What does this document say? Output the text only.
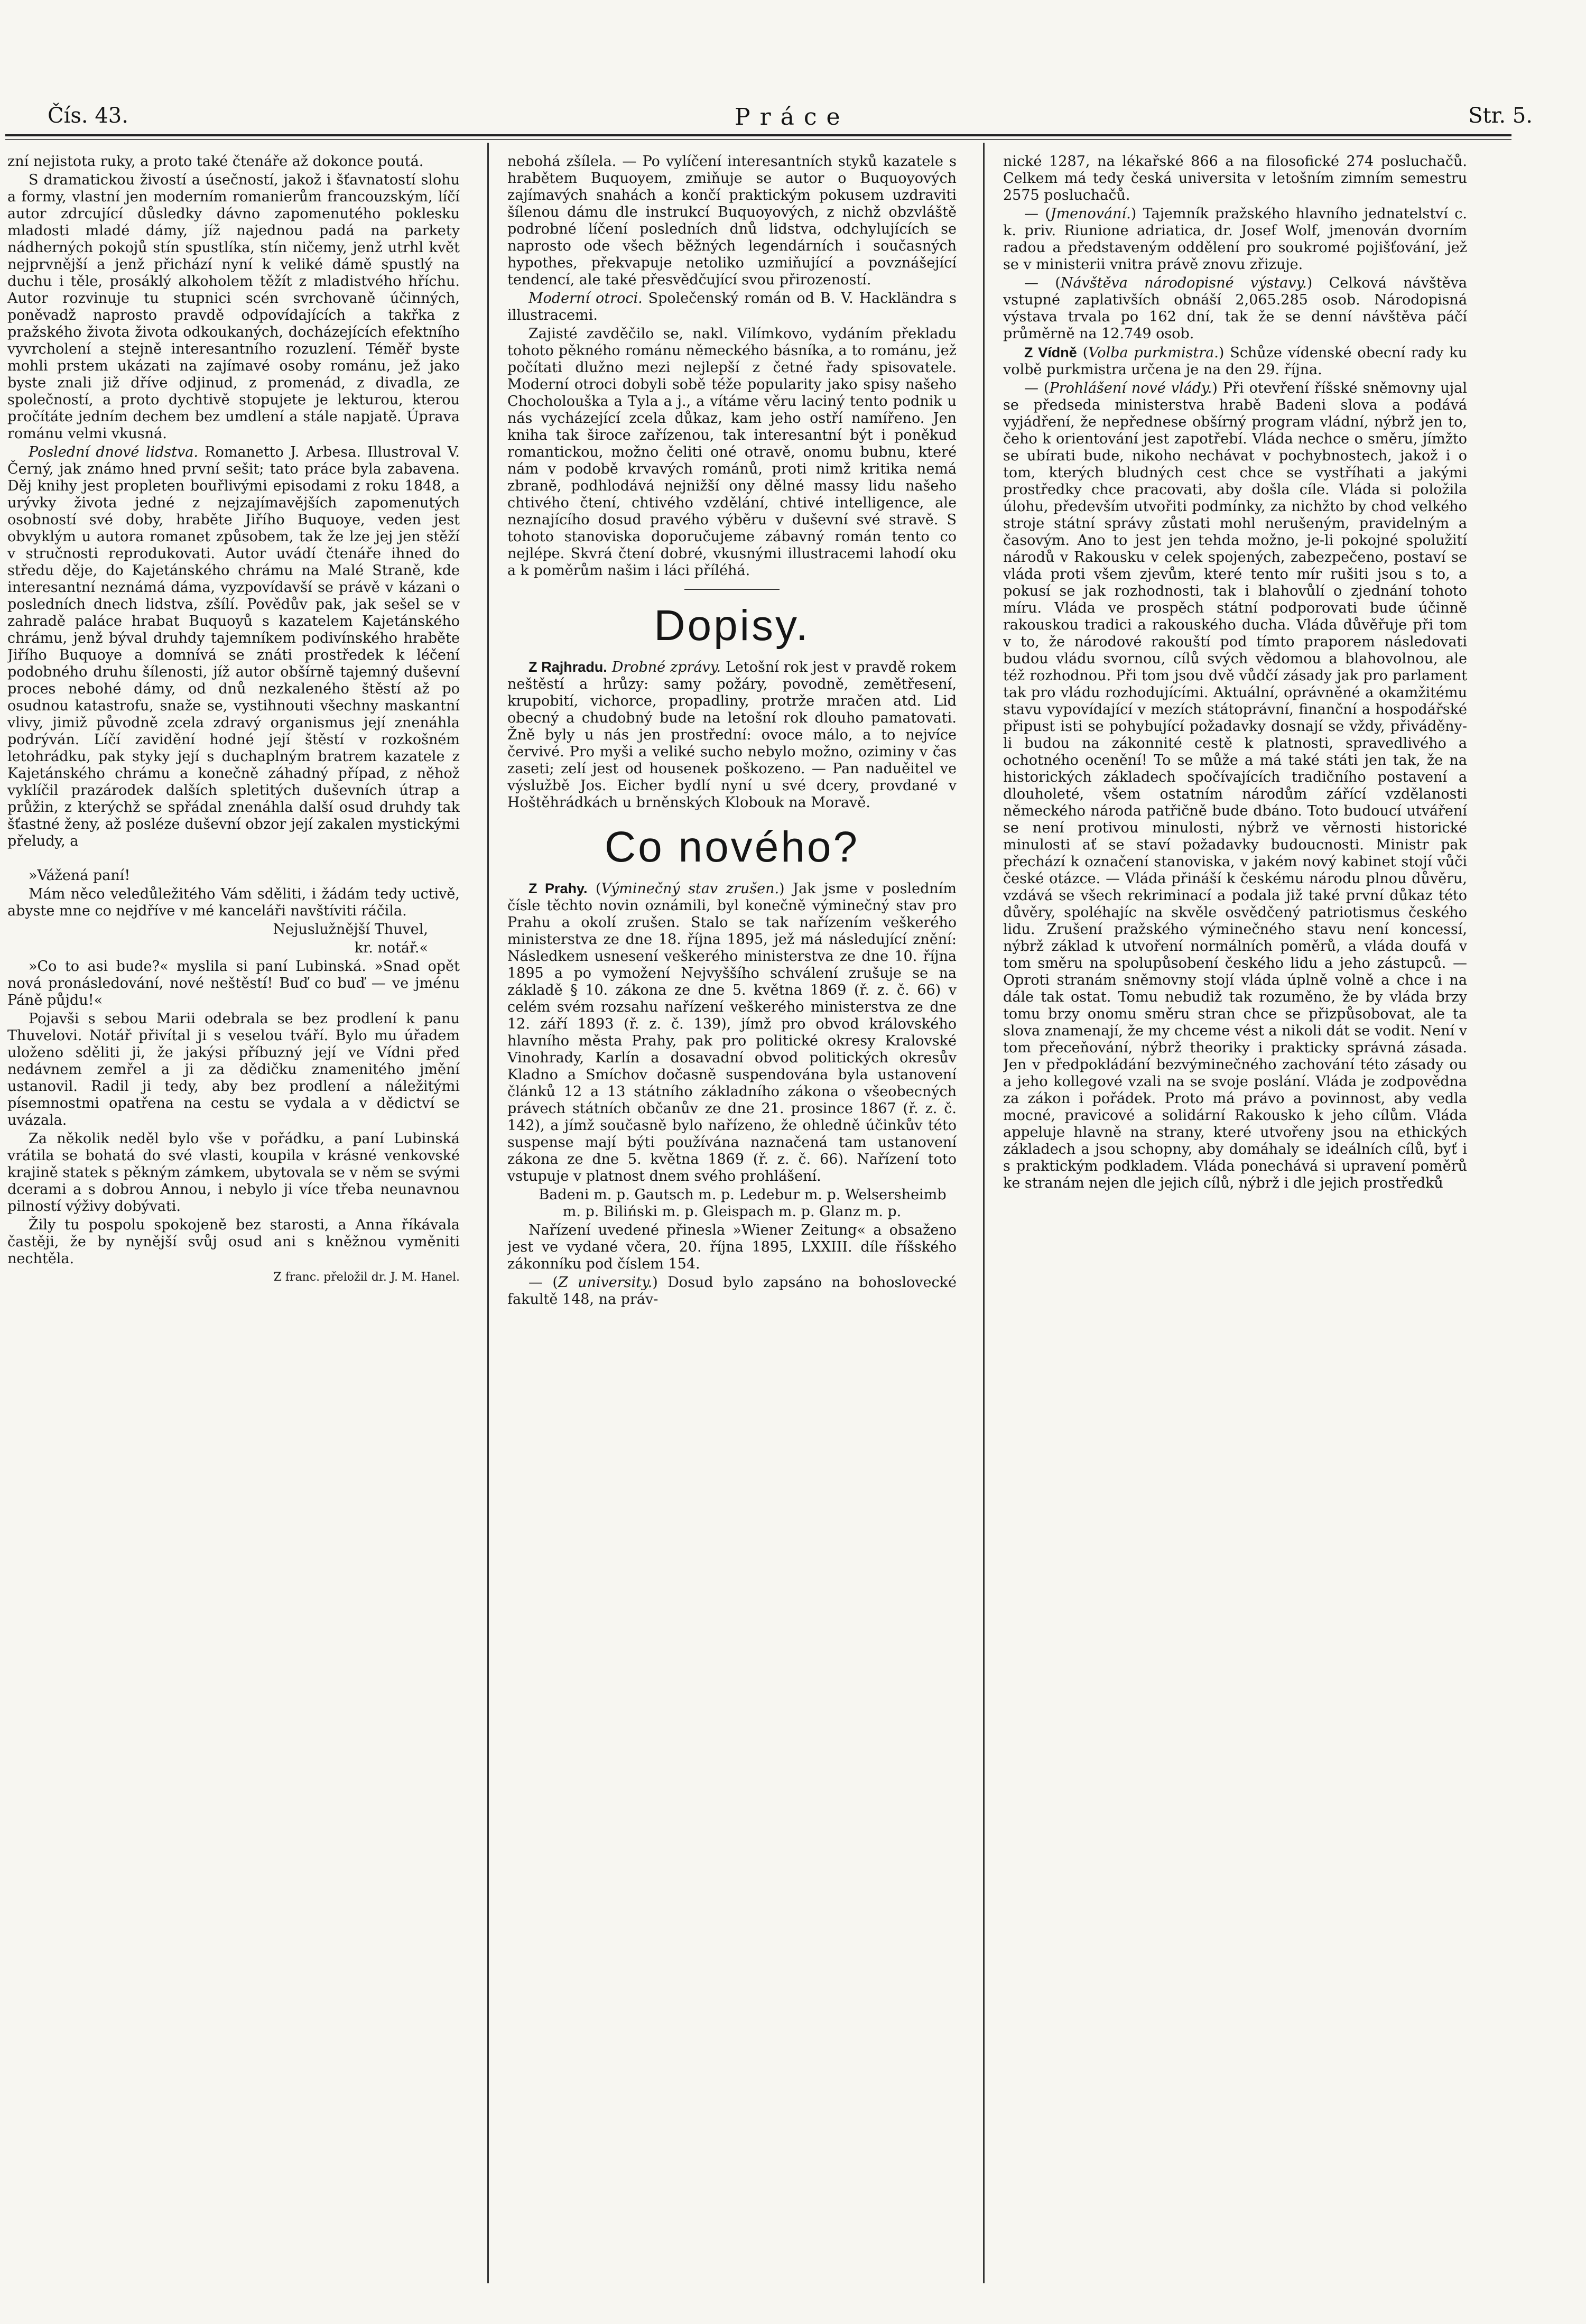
Čís. 43.	Práce	Str. 5.

zní nejistota ruky, a proto také čtenáře až dokonce poutá.

S dramatickou živostí a úsečností, jakož i šťavnatostí slohu a formy, vlastní jen moderním romanierům francouzským, líčí autor zdrcující důsledky dávno zapomenutého poklesku mladosti mladé dámy, jíž najednou padá na parkety nádherných pokojů stín spustlíka, stín ničemy, jenž utrhl květ nejprvnější a jenž přichází nyní k veliké dámě spustlý na duchu i těle, prosáklý alkoholem těžít z mladistvého hříchu. Autor rozvinuje tu stupnici scén svrchovaně účinných, poněvadž naprosto pravdě odpovídajících a takřka z pražského života života odkoukaných, docházejících efektního vyvrcholení a stejně interesantního rozuzlení. Téměř byste mohli prstem ukázati na zajímavé osoby románu, jež jako byste znali již dříve odjinud, z promenád, z divadla, ze společností, a proto dychtivě stopujete je lekturou, kterou pročítáte jedním dechem bez umdlení a stále napjatě. Úprava románu velmi vkusná.

Poslední dnové lidstva. Romanetto J. Arbesa. Illustroval V. Černý, jak známo hned první sešit; tato práce byla zabavena. Děj knihy jest propleten bouřlivými episodami z roku 1848, a urývky života jedné z nejzajímavějších zapomenutých osobností své doby, hraběte Jiřího Buquoye, veden jest obvyklým u autora romanet způsobem, tak že lze jej jen stěží v stručnosti reprodukovati. Autor uvádí čtenáře ihned do středu děje, do Kajetánského chrámu na Malé Straně, kde interesantní neznámá dáma, vyzpovídavší se právě v kázani o posledních dnech lidstva, zšílí. Povědův pak, jak sešel se v zahradě paláce hrabat Buquoyů s kazatelem Kajetánského chrámu, jenž býval druhdy tajemníkem podivínského hraběte Jiřího Buquoye a domnívá se znáti prostředek k léčení podobného druhu šílenosti, jíž autor obšírně tajemný duševní proces nebohé dámy, od dnů nezkaleného štěstí až po osudnou katastrofu, snaže se, vystihnouti všechny maskantní vlivy, jimiž původně zcela zdravý organismus její znenáhla podrýván. Líčí zavidění hodné její štěstí v rozkošném letohrádku, pak styky její s duchaplným bratrem kazatele z Kajetánského chrámu a konečně záhadný případ, z něhož vyklíčil prazárodek dalších spletitých duševních útrap a průžin, z kterýchž se spřádal znenáhla další osud druhdy tak šťastné ženy, až posléze duševní obzor její zakalen mystickými přeludy, a

»Vážená paní!

Mám něco veledůležitého Vám sděliti, i žádám tedy uctivě, abyste mne co nejdříve v mé kanceláři navštíviti ráčila.

Nejuslužnější Thuvel,

kr. notář.«

»Co to asi bude?« myslila si paní Lubinská. »Snad opět nová pronásledování, nové neštěstí! Buď co buď — ve jménu Páně půjdu!«

Pojavši s sebou Marii odebrala se bez prodlení k panu Thuvelovi. Notář přivítal ji s veselou tváří. Bylo mu úřadem uloženo sděliti ji, že jakýsi příbuzný její ve Vídni před nedávnem zemřel a ji za dědičku znamenitého jmění ustanovil. Radil ji tedy, aby bez prodlení a náležitými písemnostmi opatřena na cestu se vydala a v dědictví se uvázala.

Za několik neděl bylo vše v pořádku, a paní Lubinská vrátila se bohatá do své vlasti, koupila v krásné venkovské krajině statek s pěkným zámkem, ubytovala se v něm se svými dcerami a s dobrou Annou, i nebylo ji více třeba neunavnou pilností výživy dobývati.

Žily tu pospolu spokojeně bez starosti, a Anna říkávala častěji, že by nynější svůj osud ani s kněžnou vyměniti nechtěla.

Z franc. přeložil dr. J. M. Hanel.

nebohá zšílela. — Po vylíčení interesantních styků kazatele s hrabětem Buquoyem, zmiňuje se autor o Buquoyových zajímavých snahách a končí praktickým pokusem uzdraviti šílenou dámu dle instrukcí Buquoyových, z nichž obzvláště podrobné líčení posledních dnů lidstva, odchylujících se naprosto ode všech běžných legendárních i současných hypothes, překvapuje netoliko uzmiňující a povznášející tendencí, ale také přesvědčující svou přirozeností.

Moderní otroci. Společenský román od B. V. Hackländra s illustracemi.

Zajisté zavděčilo se, nakl. Vilímkovo, vydáním překladu tohoto pěkného románu německého básníka, a to románu, jež počítati dlužno mezi nejlepší z četné řady spisovatele. Moderní otroci dobyli sobě téže popularity jako spisy našeho Chocholouška a Tyla a j., a vítáme věru laciný tento podnik u nás vycházející zcela důkaz, kam jeho ostří namířeno. Jen kniha tak široce zařízenou, tak interesantní být i poněkud romantickou, možno čeliti oné otravě, onomu bubnu, které nám v podobě krvavých románů, proti nimž kritika nemá zbraně, podhlodává nejnižší ony dělné massy lidu našeho chtivého čtení, chtivého vzdělání, chtivé intelligence, ale neznajícího dosud pravého výběru v duševní své stravě. S tohoto stanoviska doporučujeme zábavný román tento co nejlépe. Skvrá čtení dobré, vkusnými illustracemi lahodí oku a k poměrům našim i láci příléhá.

Dopisy.

Z Rajhradu. Drobné zprávy. Letošní rok jest v pravdě rokem neštěstí a hrůzy: samy požáry, povodně, zemětřesení, krupobití, vichorce, propadliny, protrže mračen atd. Lid obecný a chudobný bude na letošní rok dlouho pamatovati. Žně byly u nás jen prostřední: ovoce málo, a to nejvíce červivé. Pro myši a veliké sucho nebylo možno, oziminy v čas zaseti; zelí jest od housenek poškozeno. — Pan naduěitel ve výslužbě Jos. Eicher bydlí nyní u své dcery, provdané v Hoštěhrádkách u brněnských Klobouk na Moravě.

Co nového?

Z Prahy. (Výminečný stav zrušen.) Jak jsme v posledním čísle těchto novin oznámili, byl konečně výminečný stav pro Prahu a okolí zrušen. Stalo se tak nařízením veškerého ministerstva ze dne 18. října 1895, jež má následující znění: Následkem usnesení veškerého ministerstva ze dne 10. října 1895 a po vymožení Nejvyššího schválení zrušuje se na základě § 10. zákona ze dne 5. května 1869 (ř. z. č. 66) v celém svém rozsahu nařízení veškerého ministerstva ze dne 12. září 1893 (ř. z. č. 139), jímž pro obvod královského hlavního města Prahy, pak pro politické okresy Kralovské Vinohrady, Karlín a dosavadní obvod politických okresův Kladno a Smíchov dočasně suspendována byla ustanovení článků 12 a 13 státního základního zákona o všeobecných právech státních občanův ze dne 21. prosince 1867 (ř. z. č. 142), a jímž současně bylo nařízeno, že ohledně účinkův této suspense mají býti používána naznačená tam ustanovení zákona ze dne 5. května 1869 (ř. z. č. 66). Nařízení toto vstupuje v platnost dnem svého prohlášení.

Badeni m. p. Gautsch m. p. Ledebur m. p. Welsersheimb m. p. Biliński m. p. Gleispach m. p. Glanz m. p.

Nařízení uvedené přinesla »Wiener Zeitung« a obsaženo jest ve vydané včera, 20. října 1895, LXXIII. díle říšského zákonníku pod číslem 154.

— (Z university.) Dosud bylo zapsáno na bohoslovecké fakultě 148, na práv-

nické 1287, na lékařské 866 a na filosofické 274 posluchačů. Celkem má tedy česká universita v letošním zimním semestru 2575 posluchačů.

— (Jmenování.) Tajemník pražského hlavního jednatelství c. k. priv. Riunione adriatica, dr. Josef Wolf, jmenován dvorním radou a představeným oddělení pro soukromé pojišťování, jež se v ministerii vnitra právě znovu zřizuje.

— (Návštěva národopisné výstavy.) Celková návštěva vstupné zaplativších obnáší 2,065.285 osob. Národopisná výstava trvala po 162 dní, tak že se denní návštěva páčí průměrně na 12.749 osob.

Z Vídně (Volba purkmistra.) Schůze vídenské obecní rady ku volbě purkmistra určena je na den 29. října.

— (Prohlášení nové vlády.) Při otevření říšské sněmovny ujal se předseda ministerstva hrabě Badeni slova a podává vyjádření, že nepřednese obšírný program vládní, nýbrž jen to, čeho k orientování jest zapotřebí. Vláda nechce o směru, jímžto se ubírati bude, nikoho nechávat v pochybnostech, jakož i o tom, kterých bludných cest chce se vystříhati a jakými prostředky chce pracovati, aby došla cíle. Vláda si položila úlohu, především utvořiti podmínky, za nichžto by chod velkého stroje státní správy zůstati mohl nerušeným, pravidelným a časovým. Ano to jest jen tehda možno, je-li pokojné spolužití národů v Rakousku v celek spojených, zabezpečeno, postaví se vláda proti všem zjevům, které tento mír rušiti jsou s to, a pokusí se jak rozhodnosti, tak i blahovůlí o zjednání tohoto míru. Vláda ve prospěch státní podporovati bude účinně rakouskou tradici a rakouského ducha. Vláda důvěřuje při tom v to, že národové rakouští pod tímto praporem následovati budou vládu svornou, cílů svých vědomou a blahovolnou, ale též rozhodnou. Při tom jsou dvě vůdčí zásady jak pro parlament tak pro vládu rozhodujícími. Aktuální, oprávněné a okamžitému stavu vypovídající v mezích státoprávní, finanční a hospodářské připust isti se pohybující požadavky dosnají se vždy, přiváděny-li budou na zákonnité cestě k platnosti, spravedlivého a ochotného ocenění! To se může a má také státi jen tak, že na historických základech spočívajících tradičního postavení a dlouholeté, všem ostatním národům zářící vzdělanosti německého národa patřičně bude dbáno. Toto budoucí utváření se není protivou minulosti, nýbrž ve věrnosti historické minulosti ať se staví požadavky budoucnosti. Ministr pak přechází k označení stanoviska, v jakém nový kabinet stojí vůči české otázce. — Vláda přináší k českému národu plnou důvěru, vzdává se všech rekriminací a podala již také první důkaz této důvěry, spoléhajíc na skvěle osvědčený patriotismus českého lidu. Zrušení pražského výminečného stavu není koncessí, nýbrž základ k utvoření normálních poměrů, a vláda doufá v tom směru na spolupůsobení českého lidu a jeho zástupců. — Oproti stranám sněmovny stojí vláda úplně volně a chce i na dále tak ostat. Tomu nebudiž tak rozuměno, že by vláda brzy tomu brzy onomu směru stran chce se přizpůsobovat, ale ta slova znamenají, že my chceme vést a nikoli dát se vodit. Není v tom přeceňování, nýbrž theoriky i prakticky správná zásada. Jen v předpokládání bezvýminečného zachování této zásady ou a jeho kollegové vzali na se svoje poslání. Vláda je zodpovědna za zákon i pořádek. Proto má právo a povinnost, aby vedla mocné, pravicové a solidární Rakousko k jeho cílům. Vláda appeluje hlavně na strany, které utvořeny jsou na ethických základech a jsou schopny, aby domáhaly se ideálních cílů, byť i s praktickým podkladem. Vláda ponechává si upravení poměrů ke stranám nejen dle jejich cílů, nýbrž i dle jejich prostředků
